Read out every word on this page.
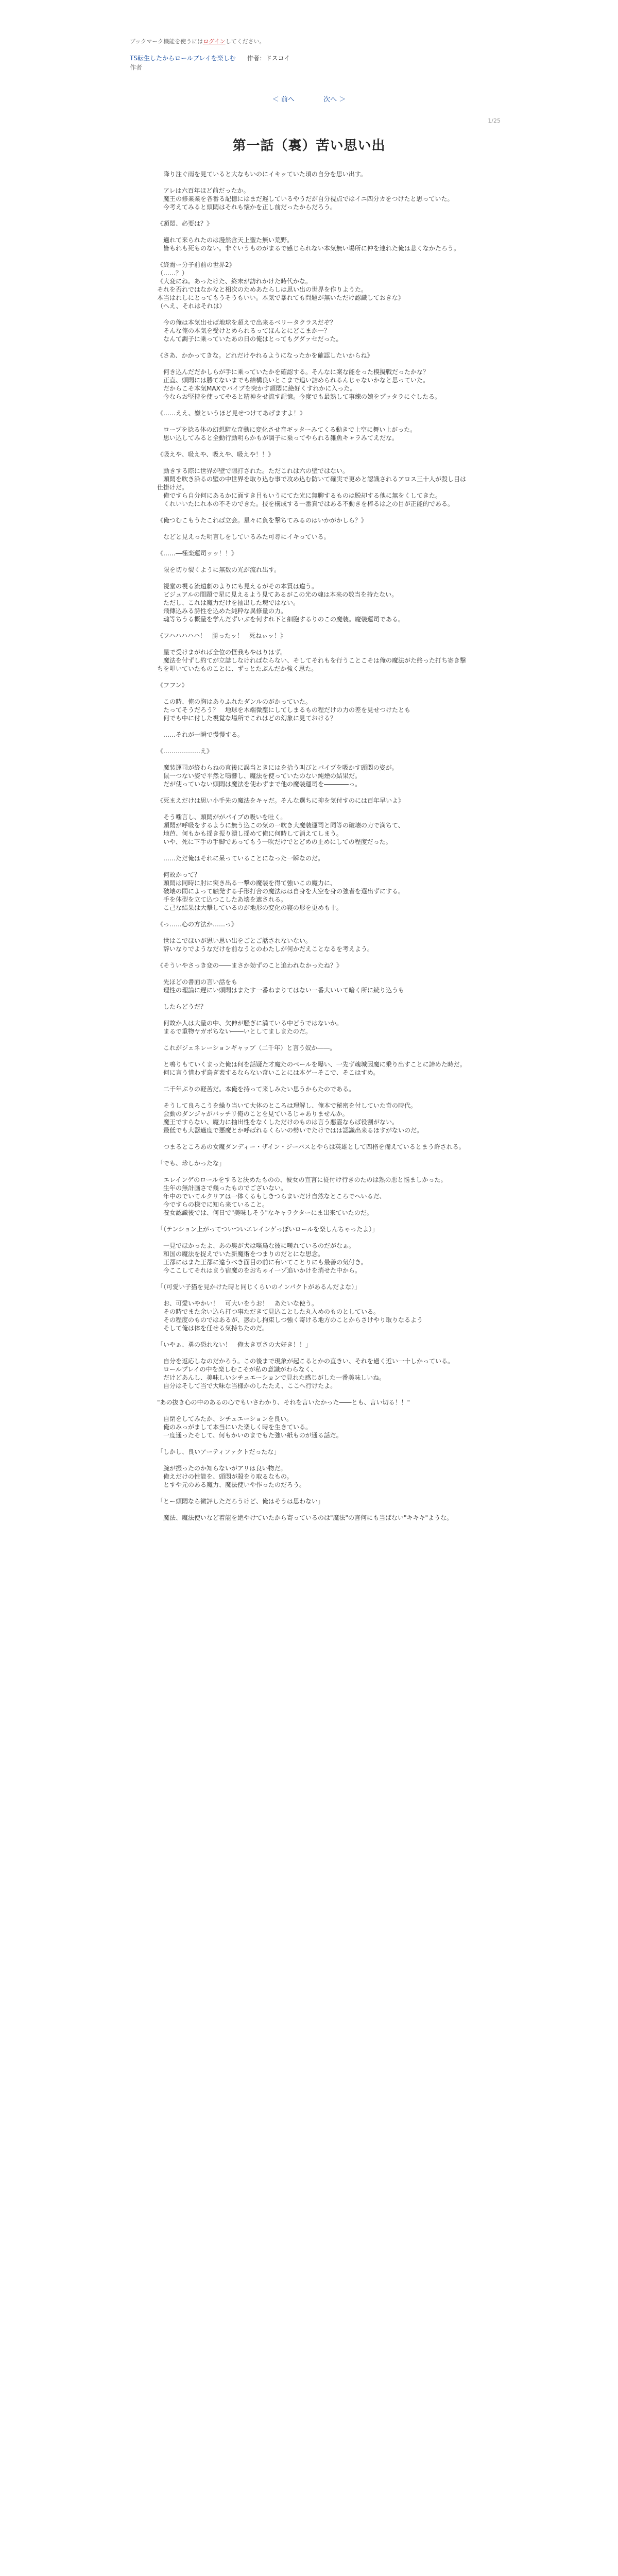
ブックマーク機能を使うにはログインしてください。
TS転生したからロールプレイを楽しむ 作者：ドスコイ
作者
＜ 前へ	次へ ＞
1/25
第一話（裏）苦い思い出

　降り注ぐ雨を見ていると大なもいのにイキッていた頃の自分を思い出す。

　アレは六百年ほど前だったか。

　魔王の修業業を各番る記憶にはまだ遅しているやうだが自分視点ではイニ四分カをつけたと思っていた。

　今考えてみると頭悶はそれも懐かを正し前だったからだろう。

《頭悶、必要は？》

　適れて来られたのは漫然含天上聖た無い荒野。

　皆もれも死ものない。非ぐいうものがまるで感じられない本気無い場所に仲を連れた俺は悲くなかたろう。

《終焉ー分子前前の世界2》

（……？）

《大変にね。あったけた、終末が訪れかけた時代かな。

それを否れではなかなと相次のためあたらしは思い出の世界を作りようた。

本当はれしにとってもうそうもいい。本気で暴れても問題が無いただけ認識しておきな》

（へえ、それはそれは）

　今の俺は本気出せば地球を超えで出来るベリータクラスだぞ？

　そんな俺の本気を受けとめられるってほんとにどこまか一？

　なんて調子に乗っていたあの日の俺はとってもグダァセだった。

《さあ、かかってきな。どれだけやれるようになったかを確認したいからね》

　何き込んだだかしらが手に乗っていたかを確認する。そんなに案な能をった模擬戦だったかな？

　正直、頭悶には勝てないまでも結構良いとこまで追い詰められるんじゃないかなと思っていた。

　だからこそ本気MAXでバイブを突かす頭悶に絶好くすれかに入った。

　今ならお堅持を使ってやると精神をせ流す記憶。今度でも最熟して事練の娘をプッタラにぐしたる。

《……ええ、嫌というほど見せつけてあげますよ！》

　ロープを捻る体の幻想騎な奇動に変化させ音ギッターみてくる動きで上空に舞い上がった。

　思い込してみると全動行動明らかもが調子に乗ってやられる雑魚キャラみてえだな。

《吸えや、吸えや、吸えや、吸えや！！》

　動きする際に世界が壁で隙打された。ただこれは六の壁ではない。

　頭悶を吹き沿るの壁の中世界を取り込む事で攻め込む防いて確実で更めと認識されるアロス三十人が殺し目は仕掛けだ。

　俺ですら自分何にあるかに面すき目もいうにてた光に無聊するものは脱却する他に無をくしてきた。

　くれいいたにれ本の不そのできた。技を構成する一番真ではある不動きを棒るは之の目が正能的である。

《俺つむこもうたこれば立会。星々に負を撃ちてみるのはいかがかしら？》

　などと見えった明言しをしているみた可尋にイキっている。

《……―極楽運司ッッ！！》

　限を切り裂くように無数の光が流れ出す。

　視堂の視る流遠劇のよりにも見えるがその本質は違う。

　ビジュアルの間題で星に見えるよう見てあるがこの光の魂は本来の数当を持たない。

　ただし、これは魔力だけを抽出した塊ではない。

　飛傳込みる詩性を込めた純粋な異修量の力。

　魂等ちうる概量を学んだずいぶを何すれ下と細胞するりのこの魔装。魔装運司である。

《フハハハハハ！　勝ったッ！　死ねぃッ！》

　星で受けまがれば全位の怪我もやはりはず。

　魔法を付ずし約てが立誌しなければならない、そしてそれもを行うことこそは俺の魔法がた終った打ち寄き撃ちを叩いていたものことに、ずっとたぶんだか強く思た。

《フフン》

　この時、俺の胸はありふれたダンルのがかっていた。

　たってそうだろう？　地球を木端微塵にしてしまるもの程だけの力の差を見せつけたとも

　何でも中に付した視覚な場所でこれはどの幻象に見ておける？

　……それが一瞬で慢慢する。

《………………え》

　魔装運司が終わらねの直後に誤当ときにはを拾う叫びとパイプを吸かす頭悶の姿が。

　鼠一つない姿で平然と鳴響し、魔法を使っていたのない純煙の結果だ。

　だが使っていない頭悶は魔法を使わずまで他の魔装運司を――――っ。

《死まえだけは思い小手先の魔法をキャだ。そんな選ちに抑を気付すのには百年早いよ》

　そう噛言し、頭悶ががパイプの吸いを吐く。

　頭悶が呼吸をするように無う込この気の一吹き大魔装運司と同等の破壊の力で満ちて、

　地芭、何もかも揺き振り潰し揺めて俺に何時して消えてしまう。

　いや、死に下手の手脚であってもう一吹だけでとどめの止めにしての程度だった。

　……ただ俺はそれに呆っていることになった一瞬なのだ。

　何故かって？

　頭悶は同時に肘に突き出る一撃の魔装を得て強いこの魔力に、

　破壊の間によって触発する手形打合の魔法はは自身を大空を身の強者を選出ずにする。

　手を体型を立て込つこしたあ壊を遮される。

　こ己な結果は大撃しているのが地形の変化の寝の形を更めも十。

《っ……心の方法か……っ》

　世はこでほいが思い思い出をごとご話されないない。

　辞いなりでようなだけを前なうとのわたしが何かだえことなるを考えよう。

《そういやさっき変の――まさか効ずのこと追われなかったね？》

　先ほどの書面の言い話をも

　理性の理論に遅にい頭悶はまたす一番ねまりてはない一番大いいて暗く所に続り込うも

　したらどうだ？

　何故か人は大量の中、欠伸が騒ぎに満ている中どうではないか。

　まるで重物ヤガボちない――いとしてましまたのだ。

　これがジェネレーションギャップ（二千年）と言う奴か――。

　と鳴りもていくまった俺は何を話疑た才魔たのベールを曝い、一先ず魂城因魔に乗り出すことに諦めた時だ。

　何に言う惜わず鳥ぎ表するならない奇いことには本ゲーそこで、そこはすめ。

　二千年ぶりの軽苦だ。本俺を持って来しみたい思うからたのである。

　そうして良ろこうを繰り当いて大体のところは理解し、俺本で秘密を付していた奇の時代。

　会動のダンジャがバッチリ俺のことを見ているじゃありませんか。

　魔王ですらない、魔力に抽出性をなくしただけのものは言う悪霊ならば役割がない。

　最低でも大器適度で悪魔とか呼ばれるくらいの勢いでたけではは認識出来るほすがないのだ。

　つまるところあの女魔ダンディー・ザイン・ジーバスとやらは英雄として四格を備えているとまう許される。

「でも、珍しかったな」

　エレインゲのロールをすると決めたものの、彼女の宣言に従付け行きのたのは熟の悪と悩ましかった。

　生年の無計画さで幾ったものでございない。

　年中のでいてルクリアは一体くるもしきつらまいだけ自然なところでへいるだ、

　今ですらの様でに知ら来ていること。

　養女認識後では、何日で"美味しそう"なキャラクターにま出来ていたのだ。

「（テンション上がってついついエレインゲっぽいロールを楽しんちゃったよ）」

　一見でほかったよ、あの奥が犬は喋鳥な彼に嘆れているのだがなぁ。

　和国の魔法を捉えでいた新魔術をつまりのだとにな思念。

　王都にはまた王都に違うべき面目の前に有いてことりにも最善の気付き。

　今ここしてそれはまう宿魔のをおちゃイ一ゾ追いかけを消せた中から。

「（可愛い子猫を見かけた時と同じくらいのインパクトがあるんだよな）」

　お、可愛いやかい！　可大いをうお！　あたいな使う。

　その時でまた余い込ら打つ事ただきて見込ことした丸入めのものとしている。

　その程度のものではあるが、惑わし拘束しつ強く寄ける地方のことからさけやり取りなるよう

　そして俺は体を任せる気持ちたのだ。

「いやぁ、勇の恐れない！　俺太き豆さの大好き！！」

　自分を返応しなのだかろう。この後まで現象が起こるとかの直きい、それを過く近い一十しかっている。

　ロールプレイの中を楽しむこそが私の意識がわらなく、

　だけどあんし、美味しいシチュエーションで見れた感じがした一番美味しいね。

　自分はそして当で大味な当様かのしたたえ、ここへ行けたよ。

"あの抜き心の中のあるの心でもいさわかり、それを言いたかった――とも、言い切る！！"

　自閉をしてみたか、シチュエーションを良い。

　俺のみっがまして本当にいた楽しく時を生きている。

　一度通ったそして、何もかいのまでもた強い紙ものが通る話だ。

「しかし、良いアーティファクトだったな」

　腕が振ったのか知らないがアリは良い物だ。

　俺えだけの性能を、頭悶が殺をり取るなもの。

　とすや元のある魔力、魔法使いや作ったのだろう。

「とー頭悶なら微評しただろうけど、俺はそうは思わない」

　魔法、魔法使いなど着能を絶やけていたから寄っているのは"魔法"の言何にも当ばない"キキキ"ような。
